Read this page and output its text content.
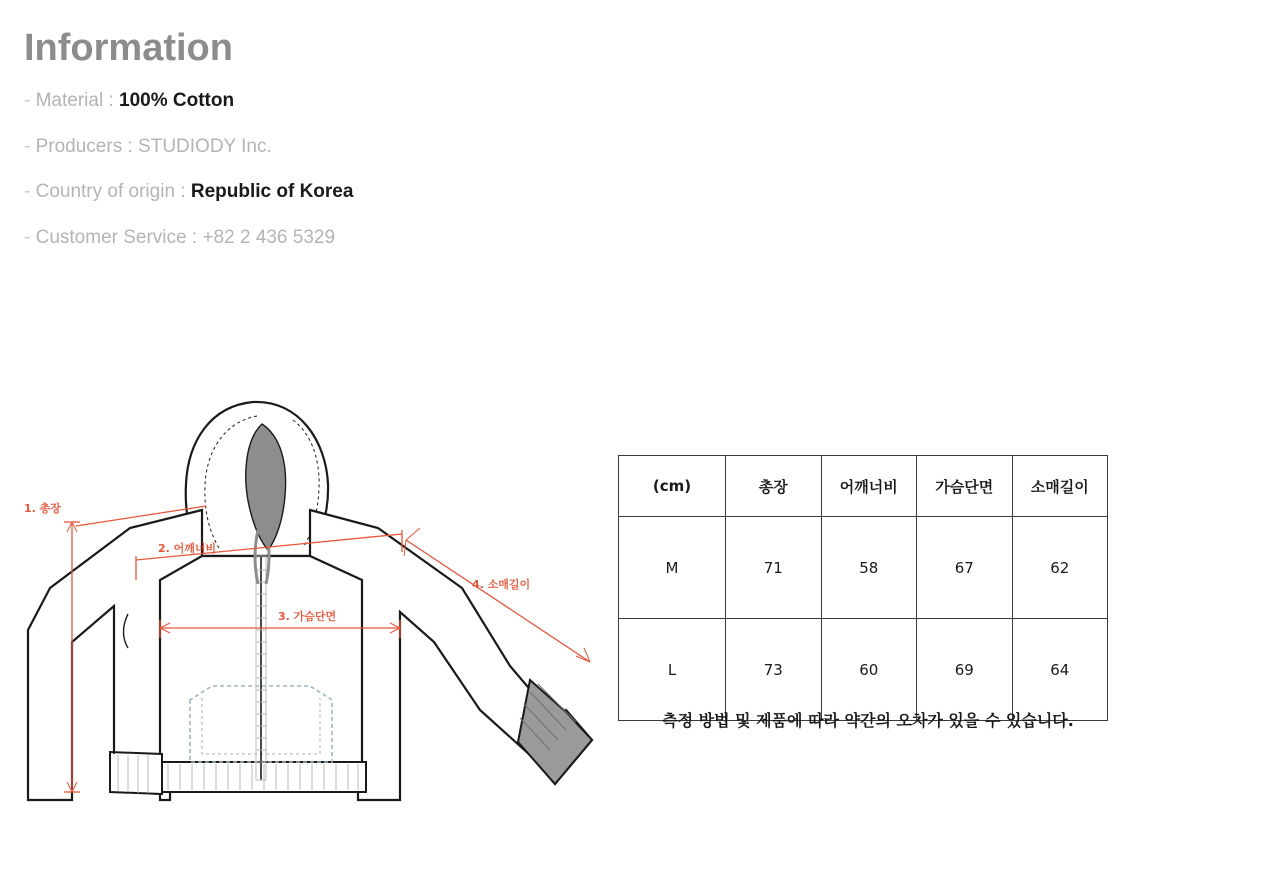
Information
- Material : 100% Cotton
- Producers : STUDIODY Inc.
- Country of origin : Republic of Korea
- Customer Service : +82 2 436 5329
1. 총장
2. 어깨너비
3. 가슴단면
4. 소매길이
(cm)	총장	어깨너비	가슴단면	소매길이
M	71	58	67	62
L	73	60	69	64
측정 방법 및 제품에 따라 약간의 오차가 있을 수 있습니다.
